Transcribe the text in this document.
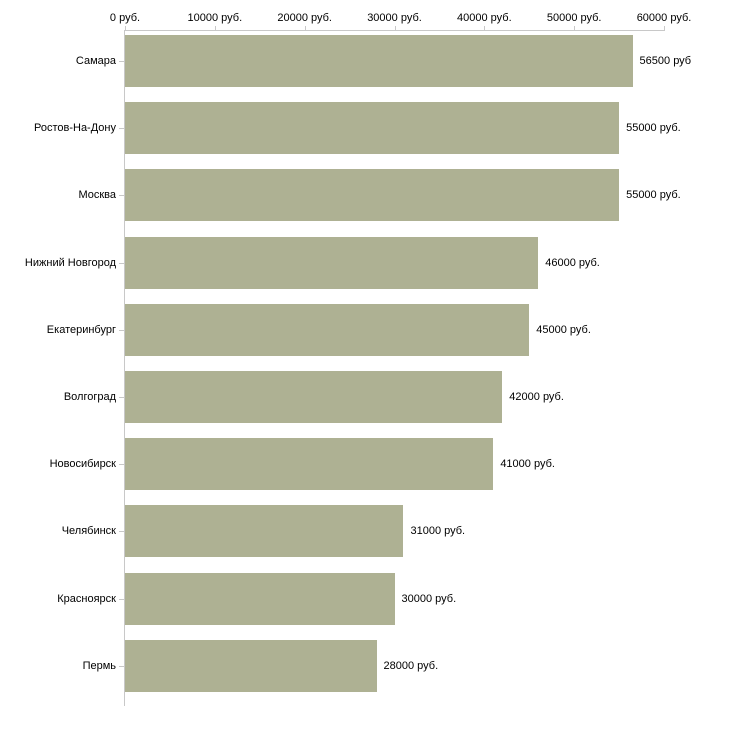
0 руб.	10000 руб.	20000 руб.	30000 руб.	40000 руб.	50000 руб.	60000 руб.
Самара	56500 руб
Ростов-На-Дону	55000 руб.
Москва	55000 руб.
Нижний Новгород	46000 руб.
Екатеринбург	45000 руб.
Волгоград	42000 руб.
Новосибирск	41000 руб.
Челябинск	31000 руб.
Красноярск	30000 руб.
Пермь	28000 руб.
